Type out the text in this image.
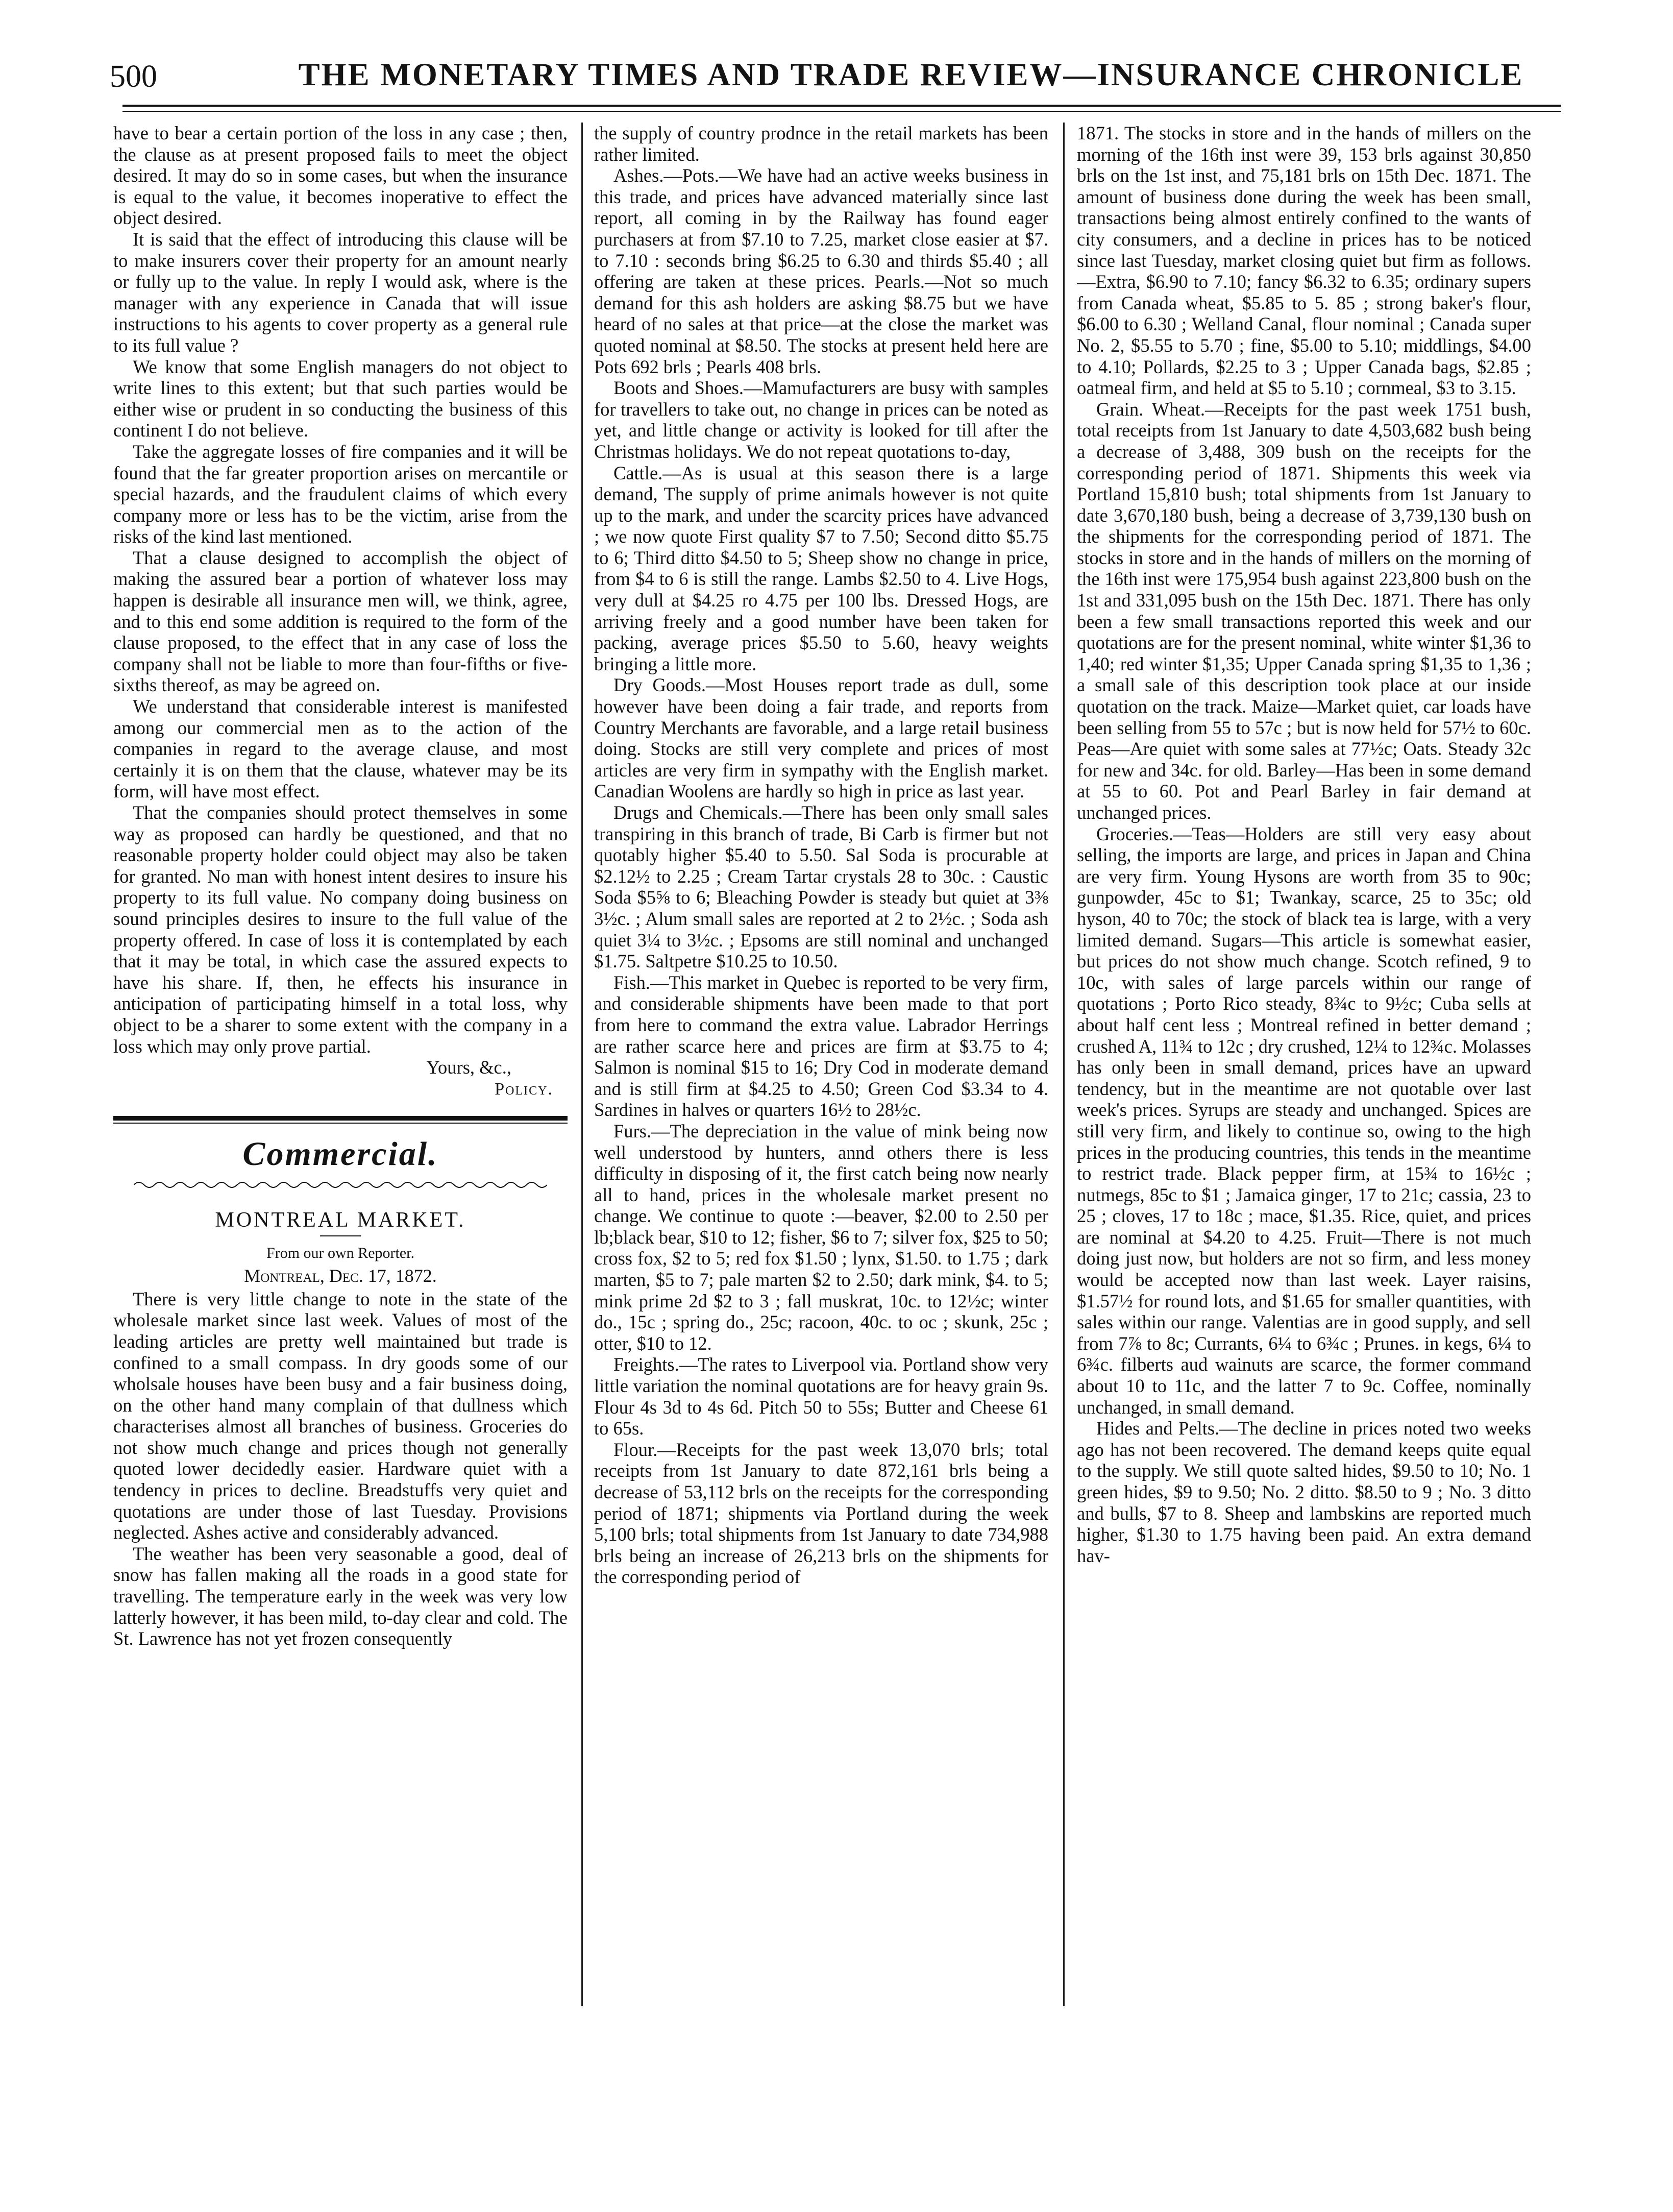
500	THE MONETARY TIMES AND TRADE REVIEW—INSURANCE CHRONICLE

have to bear a certain portion of the loss in any case ; then, the clause as at present proposed fails to meet the object desired. It may do so in some cases, but when the insurance is equal to the value, it becomes inoperative to effect the object desired.

It is said that the effect of introducing this clause will be to make insurers cover their property for an amount nearly or fully up to the value. In reply I would ask, where is the manager with any experience in Canada that will issue instructions to his agents to cover property as a general rule to its full value ?

We know that some English managers do not object to write lines to this extent; but that such parties would be either wise or prudent in so conducting the business of this continent I do not believe.

Take the aggregate losses of fire companies and it will be found that the far greater proportion arises on mercantile or special hazards, and the fraudulent claims of which every company more or less has to be the victim, arise from the risks of the kind last mentioned.

That a clause designed to accomplish the object of making the assured bear a portion of whatever loss may happen is desirable all insurance men will, we think, agree, and to this end some addition is required to the form of the clause proposed, to the effect that in any case of loss the company shall not be liable to more than four-fifths or five-sixths thereof, as may be agreed on.

We understand that considerable interest is manifested among our commercial men as to the action of the companies in regard to the average clause, and most certainly it is on them that the clause, whatever may be its form, will have most effect.

That the companies should protect themselves in some way as proposed can hardly be questioned, and that no reasonable property holder could object may also be taken for granted. No man with honest intent desires to insure his property to its full value. No company doing business on sound principles desires to insure to the full value of the property offered. In case of loss it is contemplated by each that it may be total, in which case the assured expects to have his share. If, then, he effects his insurance in anticipation of participating himself in a total loss, why object to be a sharer to some extent with the company in a loss which may only prove partial.

Yours, &c.,
Policy.
Commercial.
MONTREAL MARKET.
From our own Reporter.
Montreal, Dec. 17, 1872.

There is very little change to note in the state of the wholesale market since last week. Values of most of the leading articles are pretty well maintained but trade is confined to a small compass. In dry goods some of our wholsale houses have been busy and a fair business doing, on the other hand many complain of that dullness which characterises almost all branches of business. Groceries do not show much change and prices though not generally quoted lower decidedly easier. Hardware quiet with a tendency in prices to decline. Breadstuffs very quiet and quotations are under those of last Tuesday. Provisions neglected. Ashes active and considerably advanced.

The weather has been very seasonable a good, deal of snow has fallen making all the roads in a good state for travelling. The temperature early in the week was very low latterly however, it has been mild, to-day clear and cold. The St. Lawrence has not yet frozen consequently

the supply of country prodnce in the retail markets has been rather limited.

Ashes.—Pots.—We have had an active weeks business in this trade, and prices have advanced materially since last report, all coming in by the Railway has found eager purchasers at from $7.10 to 7.25, market close easier at $7. to 7.10 : seconds bring $6.25 to 6.30 and thirds $5.40 ; all offering are taken at these prices. Pearls.—Not so much demand for this ash holders are asking $8.75 but we have heard of no sales at that price—at the close the market was quoted nominal at $8.50. The stocks at present held here are Pots 692 brls ; Pearls 408 brls.

Boots and Shoes.—Mamufacturers are busy with samples for travellers to take out, no change in prices can be noted as yet, and little change or activity is looked for till after the Christmas holidays. We do not repeat quotations to-day,

Cattle.—As is usual at this season there is a large demand, The supply of prime animals however is not quite up to the mark, and under the scarcity prices have advanced ; we now quote First quality $7 to 7.50; Second ditto $5.75 to 6; Third ditto $4.50 to 5; Sheep show no change in price, from $4 to 6 is still the range. Lambs $2.50 to 4. Live Hogs, very dull at $4.25 ro 4.75 per 100 lbs. Dressed Hogs, are arriving freely and a good number have been taken for packing, average prices $5.50 to 5.60, heavy weights bringing a little more.

Dry Goods.—Most Houses report trade as dull, some however have been doing a fair trade, and reports from Country Merchants are favorable, and a large retail business doing. Stocks are still very complete and prices of most articles are very firm in sympathy with the English market. Canadian Woolens are hardly so high in price as last year.

Drugs and Chemicals.—There has been only small sales transpiring in this branch of trade, Bi Carb is firmer but not quotably higher $5.40 to 5.50. Sal Soda is procurable at $2.12½ to 2.25 ; Cream Tartar crystals 28 to 30c. : Caustic Soda $5⅝ to 6; Bleaching Powder is steady but quiet at 3⅜ 3½c. ; Alum small sales are reported at 2 to 2½c. ; Soda ash quiet 3¼ to 3½c. ; Epsoms are still nominal and unchanged $1.75. Saltpetre $10.25 to 10.50.

Fish.—This market in Quebec is reported to be very firm, and considerable shipments have been made to that port from here to command the extra value. Labrador Herrings are rather scarce here and prices are firm at $3.75 to 4; Salmon is nominal $15 to 16; Dry Cod in moderate demand and is still firm at $4.25 to 4.50; Green Cod $3.34 to 4. Sardines in halves or quarters 16½ to 28½c.

Furs.—The depreciation in the value of mink being now well understood by hunters, annd others there is less difficulty in disposing of it, the first catch being now nearly all to hand, prices in the wholesale market present no change. We continue to quote :—beaver, $2.00 to 2.50 per lb;black bear, $10 to 12; fisher, $6 to 7; silver fox, $25 to 50; cross fox, $2 to 5; red fox $1.50 ; lynx, $1.50. to 1.75 ; dark marten, $5 to 7; pale marten $2 to 2.50; dark mink, $4. to 5; mink prime 2d $2 to 3 ; fall muskrat, 10c. to 12½c; winter do., 15c ; spring do., 25c; racoon, 40c. to oc ; skunk, 25c ; otter, $10 to 12.

Freights.—The rates to Liverpool via. Portland show very little variation the nominal quotations are for heavy grain 9s. Flour 4s 3d to 4s 6d. Pitch 50 to 55s; Butter and Cheese 61 to 65s.

Flour.—Receipts for the past week 13,070 brls; total receipts from 1st January to date 872,161 brls being a decrease of 53,112 brls on the receipts for the corresponding period of 1871; shipments via Portland during the week 5,100 brls; total shipments from 1st January to date 734,988 brls being an increase of 26,213 brls on the shipments for the corresponding period of

1871. The stocks in store and in the hands of millers on the morning of the 16th inst were 39, 153 brls against 30,850 brls on the 1st inst, and 75,181 brls on 15th Dec. 1871. The amount of business done during the week has been small, transactions being almost entirely confined to the wants of city consumers, and a decline in prices has to be noticed since last Tuesday, market closing quiet but firm as follows. —Extra, $6.90 to 7.10; fancy $6.32 to 6.35; ordinary supers from Canada wheat, $5.85 to 5. 85 ; strong baker's flour, $6.00 to 6.30 ; Welland Canal, flour nominal ; Canada super No. 2, $5.55 to 5.70 ; fine, $5.00 to 5.10; middlings, $4.00 to 4.10; Pollards, $2.25 to 3 ; Upper Canada bags, $2.85 ; oatmeal firm, and held at $5 to 5.10 ; cornmeal, $3 to 3.15.

Grain. Wheat.—Receipts for the past week 1751 bush, total receipts from 1st January to date 4,503,682 bush being a decrease of 3,488, 309 bush on the receipts for the corresponding period of 1871. Shipments this week via Portland 15,810 bush; total shipments from 1st January to date 3,670,180 bush, being a decrease of 3,739,130 bush on the shipments for the corresponding period of 1871. The stocks in store and in the hands of millers on the morning of the 16th inst were 175,954 bush against 223,800 bush on the 1st and 331,095 bush on the 15th Dec. 1871. There has only been a few small transactions reported this week and our quotations are for the present nominal, white winter $1,36 to 1,40; red winter $1,35; Upper Canada spring $1,35 to 1,36 ; a small sale of this description took place at our inside quotation on the track. Maize—Market quiet, car loads have been selling from 55 to 57c ; but is now held for 57½ to 60c. Peas—Are quiet with some sales at 77½c; Oats. Steady 32c for new and 34c. for old. Barley—Has been in some demand at 55 to 60. Pot and Pearl Barley in fair demand at unchanged prices.

Groceries.—Teas—Holders are still very easy about selling, the imports are large, and prices in Japan and China are very firm. Young Hysons are worth from 35 to 90c; gunpowder, 45c to $1; Twankay, scarce, 25 to 35c; old hyson, 40 to 70c; the stock of black tea is large, with a very limited demand. Sugars—This article is somewhat easier, but prices do not show much change. Scotch refined, 9 to 10c, with sales of large parcels within our range of quotations ; Porto Rico steady, 8¾c to 9½c; Cuba sells at about half cent less ; Montreal refined in better demand ; crushed A, 11¾ to 12c ; dry crushed, 12¼ to 12¾c. Molasses has only been in small demand, prices have an upward tendency, but in the meantime are not quotable over last week's prices. Syrups are steady and unchanged. Spices are still very firm, and likely to continue so, owing to the high prices in the producing countries, this tends in the meantime to restrict trade. Black pepper firm, at 15¾ to 16½c ; nutmegs, 85c to $1 ; Jamaica ginger, 17 to 21c; cassia, 23 to 25 ; cloves, 17 to 18c ; mace, $1.35. Rice, quiet, and prices are nominal at $4.20 to 4.25. Fruit—There is not much doing just now, but holders are not so firm, and less money would be accepted now than last week. Layer raisins, $1.57½ for round lots, and $1.65 for smaller quantities, with sales within our range. Valentias are in good supply, and sell from 7⅞ to 8c; Currants, 6¼ to 6¾c ; Prunes. in kegs, 6¼ to 6¾c. filberts aud wainuts are scarce, the former command about 10 to 11c, and the latter 7 to 9c. Coffee, nominally unchanged, in small demand.

Hides and Pelts.—The decline in prices noted two weeks ago has not been recovered. The demand keeps quite equal to the supply. We still quote salted hides, $9.50 to 10; No. 1 green hides, $9 to 9.50; No. 2 ditto. $8.50 to 9 ; No. 3 ditto and bulls, $7 to 8. Sheep and lambskins are reported much higher, $1.30 to 1.75 having been paid. An extra demand hav-
